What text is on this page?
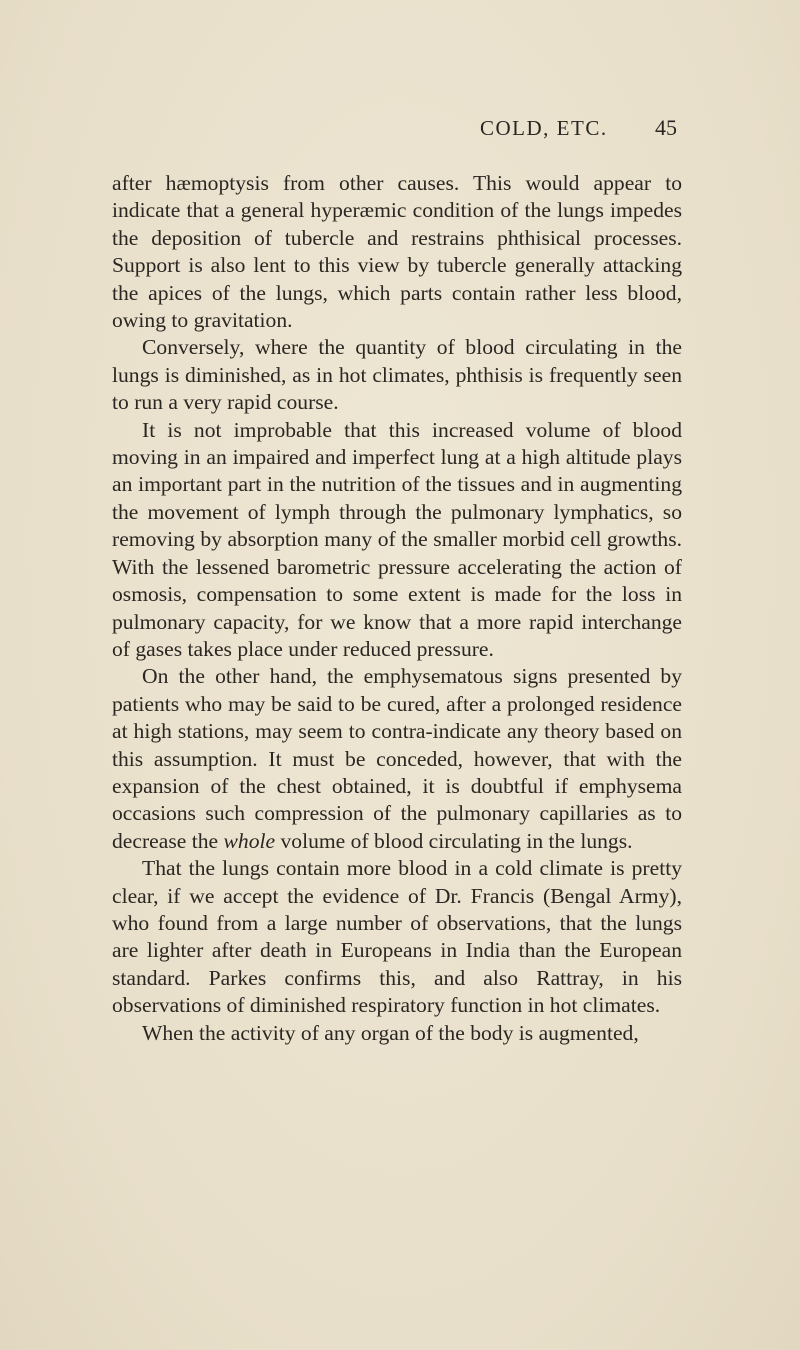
COLD, ETC. 45

after hæmoptysis from other causes. This would appear to indicate that a general hyperæmic condition of the lungs impedes the deposition of tubercle and restrains phthisical processes. Support is also lent to this view by tubercle generally attacking the apices of the lungs, which parts contain rather less blood, owing to gravitation.

Conversely, where the quantity of blood circulating in the lungs is diminished, as in hot climates, phthisis is frequently seen to run a very rapid course.

It is not improbable that this increased volume of blood moving in an impaired and imperfect lung at a high altitude plays an important part in the nutrition of the tissues and in augmenting the movement of lymph through the pulmonary lymphatics, so removing by absorption many of the smaller morbid cell growths. With the lessened barometric pressure accelerating the action of osmosis, compensation to some extent is made for the loss in pulmonary capacity, for we know that a more rapid interchange of gases takes place under reduced pressure.

On the other hand, the emphysematous signs presented by patients who may be said to be cured, after a prolonged residence at high stations, may seem to contra-indicate any theory based on this assumption. It must be conceded, however, that with the expansion of the chest obtained, it is doubtful if emphysema occasions such compression of the pulmonary capillaries as to decrease the whole volume of blood circulating in the lungs.

That the lungs contain more blood in a cold climate is pretty clear, if we accept the evidence of Dr. Francis (Bengal Army), who found from a large number of observations, that the lungs are lighter after death in Europeans in India than the European standard. Parkes confirms this, and also Rattray, in his observations of diminished respiratory function in hot climates.

When the activity of any organ of the body is augmented,
